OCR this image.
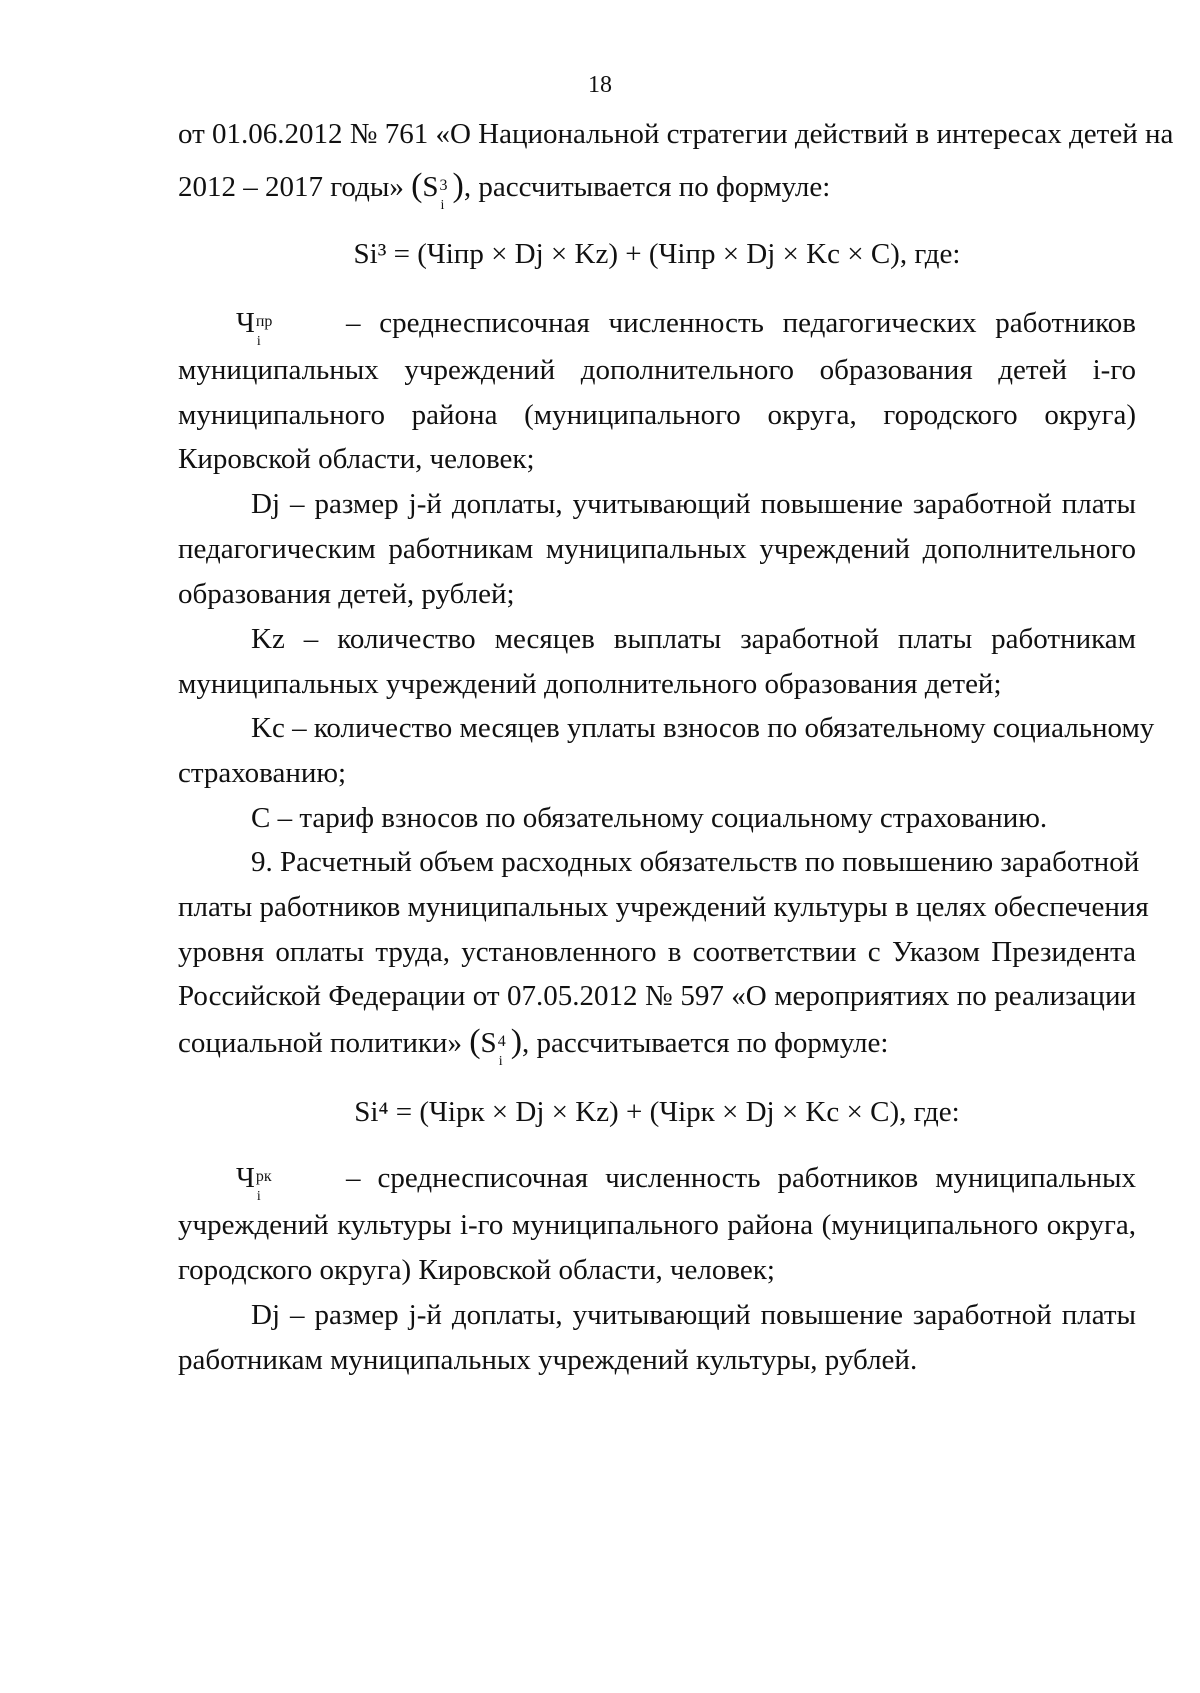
18
от 01.06.2012 № 761 «О Национальной стратегии действий в интересах детей на
2012 – 2017 годы» (S 3
i
), рассчитывается по формуле:
Si³ = (Чiпр × Dj × Kz) + (Чiпр × Dj × Kc × C), где:
Ч пр
i
– среднесписочная численность педагогических работников
муниципальных учреждений дополнительного образования детей i-го
муниципального района (муниципального округа, городского округа)
Кировской области, человек;
Dj – размер j-й доплаты, учитывающий повышение заработной платы
педагогическим работникам муниципальных учреждений дополнительного
образования детей, рублей;
Kz – количество месяцев выплаты заработной платы работникам
муниципальных учреждений дополнительного образования детей;
Kc – количество месяцев уплаты взносов по обязательному социальному
страхованию;
С – тариф взносов по обязательному социальному страхованию.
9. Расчетный объем расходных обязательств по повышению заработной
платы работников муниципальных учреждений культуры в целях обеспечения
уровня оплаты труда, установленного в соответствии с Указом Президента
Российской Федерации от 07.05.2012 № 597 «О мероприятиях по реализации
социальной политики» (S 4
i
), рассчитывается по формуле:
Si⁴ = (Чiрк × Dj × Kz) + (Чiрк × Dj × Kc × C), где:
Ч рк
i
– среднесписочная численность работников муниципальных
учреждений культуры i-го муниципального района (муниципального округа,
городского округа) Кировской области, человек;
Dj – размер j-й доплаты, учитывающий повышение заработной платы
работникам муниципальных учреждений культуры, рублей.
